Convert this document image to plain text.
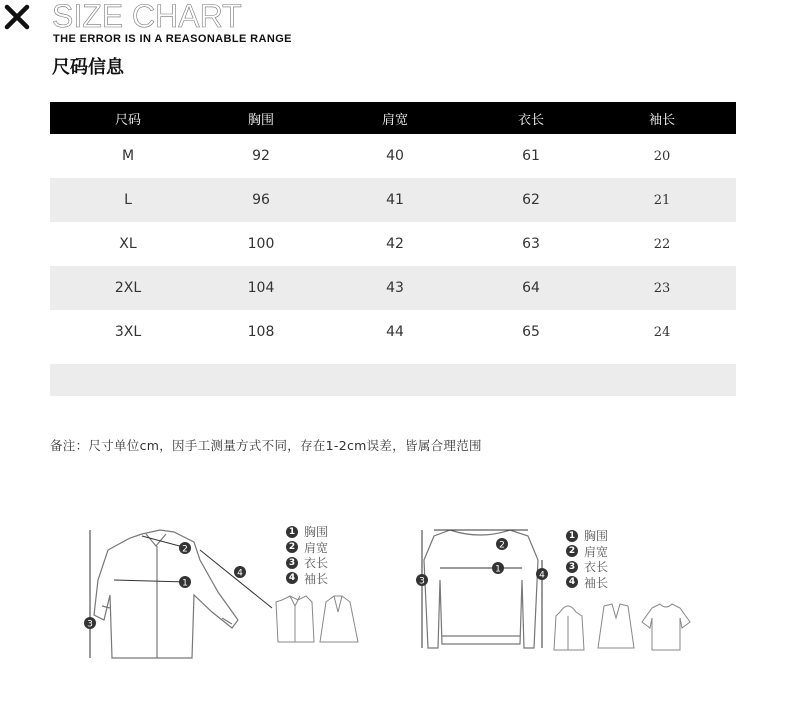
SIZE CHART
THE ERROR IS IN A REASONABLE RANGE
尺码信息
尺码	胸围	肩宽	衣长	袖长
M	92	40	61	20
L	96	41	62	21
XL	100	42	63	22
2XL	104	43	64	23
3XL	108	44	65	24
备注：尺寸单位cm，因手工测量方式不同，存在1-2cm误差，皆属合理范围
3
1
2
4
1 胸围
2 肩宽
3 衣长
4 袖长	3
2
1
4
1 胸围
2 肩宽
3 衣长
4 袖长
